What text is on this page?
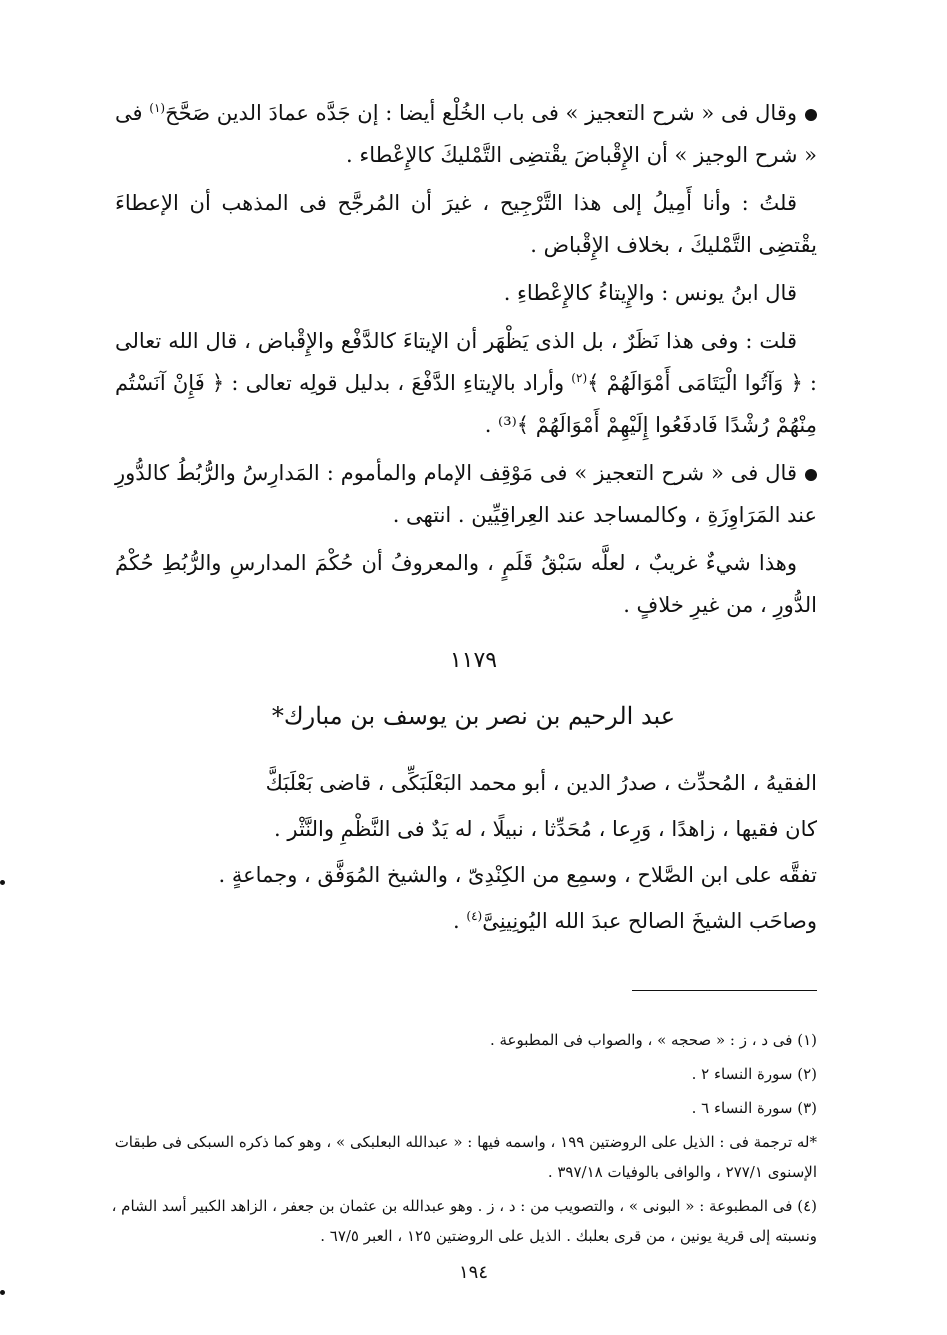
وقال فى « شرح التعجيز » فى باب الخُلْع أيضا : إن جَدَّه عمادَ الدين صَحَّحَ$^{(١)}$ فى « شرح الوجيز » أن الإِقْباضَ يقْتضِى التَّمْليكَ كالإِعْطاء .

قلتُ : وأنا أَمِيلُ إلى هذا التَّرْجِيح ، غيرَ أن المُرجَّح فى المذهب أن الإعطاءَ يقْتضِى التَّمْليكَ ، بخلاف الإِقْباض .

قال ابنُ يونس : والإِيتاءُ كالإِعْطاءِ .

قلت : وفى هذا نَظَرٌ ، بل الذى يَظْهَر أن الإيتاءَ كالدَّفْع والإِقْباض ، قال الله تعالى : ﴿ وَآتُوا الْيَتَامَى أَمْوَالَهُمْ ﴾$^{(٢)}$ وأراد بالإيتاءِ الدَّفْعَ ، بدليل قولِه تعالى : ﴿ فَإِنْ آنَسْتُم مِنْهُمْ رُشْدًا فَادفَعُوا إِلَيْهِمْ أَمْوَالَهُمْ ﴾⁽³⁾ .

قال فى « شرح التعجيز » فى مَوْقِف الإمام والمأموم : المَدارِسُ والرُّبُطُ كالدُّورِ عند المَرَاوِزَةِ ، وكالمساجد عند العِراقِيِّين . انتهى .

وهذا شيءٌ غريبٌ ، لعلَّه سَبْقُ قَلَمٍ ، والمعروفُ أن حُكْمَ المدارسِ والرُّبُطِ حُكْمُ الدُّورِ ، من غيرِ خلافٍ .

١١٧٩
عبد الرحيم بن نصر بن يوسف بن مبارك*

الفقيهُ ، المُحدِّث ، صدرُ الدين ، أبو محمد البَعْلَبَكِّى ، قاضى بَعْلَبَكَّ

كان فقيها ، زاهدًا ، وَرِعا ، مُحَدِّثا ، نبيلًا ، له يَدٌ فى النَّظْمِ والنَّثْر .

تفقَّه على ابن الصَّلاح ، وسمِع من الكِنْدِىّ ، والشيخ المُوَفَّق ، وجماعةٍ .

وصاحَب الشيخَ الصالح عبدَ الله اليُونِينِىَّ$^{(٤)}$ .

(١) فى د ، ز : « صحجه » ، والصواب فى المطبوعة .

(٢) سورة النساء ٢ .

(٣) سورة النساء ٦ .

*له ترجمة فى : الذيل على الروضتين ١٩٩ ، واسمه فيها : « عبدالله البعلبكى » ، وهو كما ذكره السبكى فى طبقات الإسنوى ٢٧٧/١ ، والوافى بالوفيات ٣٩٧/١٨ .

(٤) فى المطبوعة : « البونى » ، والتصويب من : د ، ز . وهو عبدالله بن عثمان بن جعفر ، الزاهد الكبير أسد الشام ، ونسبته إلى قرية يونين ، من قرى بعلبك . الذيل على الروضتين ١٢٥ ، العبر ٦٧/٥ .

١٩٤
